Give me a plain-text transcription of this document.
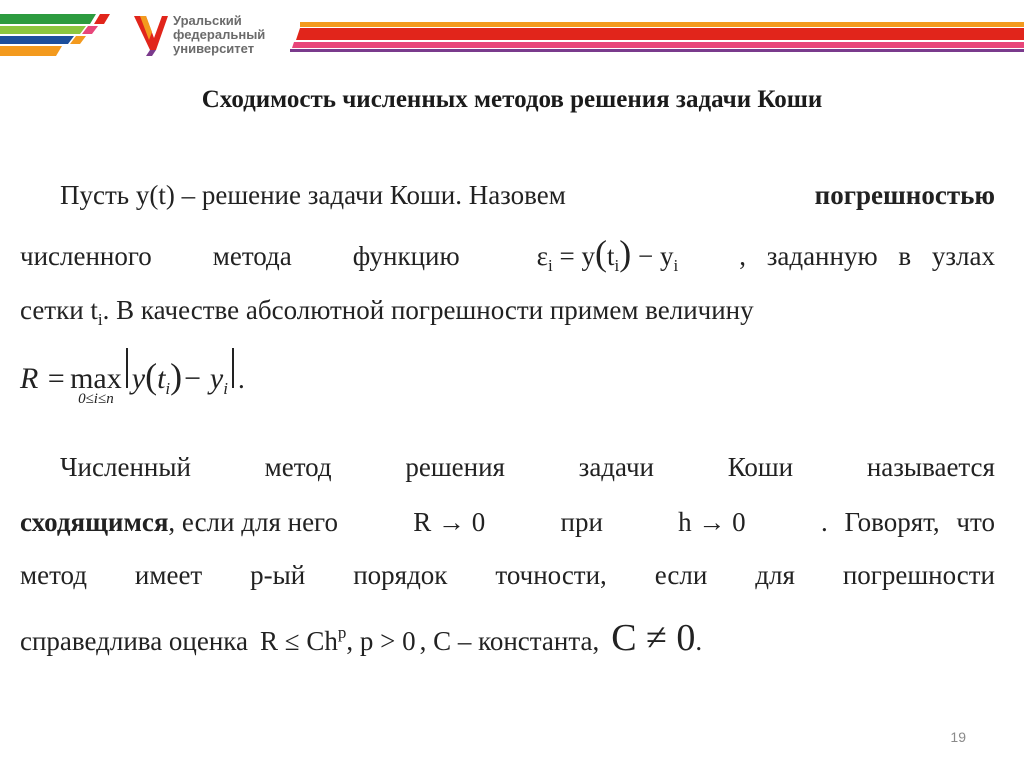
Уральский
федеральный
университет
Сходимость численных методов решения задачи Коши
Пусть у(t) – решение задачи Коши. Назовем	погрешностью
численного метода функцию	$\varepsilon_i = y(t_i) - y_i$ , заданную в узлах
сетки $t_i$. В качестве абсолютной погрешности примем величину
R = max
0≤i≤n
y ( t i ) − y i .
Численный	метод	решения	задачи	Коши	называется
сходящимся, если для него	R → 0	при	h → 0	. Говорят, что
метод имеет р-ый порядок точности, если для погрешности
справедлива оценка $R \le Ch^p$, p > 0 , С – константа, C ≠ 0 .
19
